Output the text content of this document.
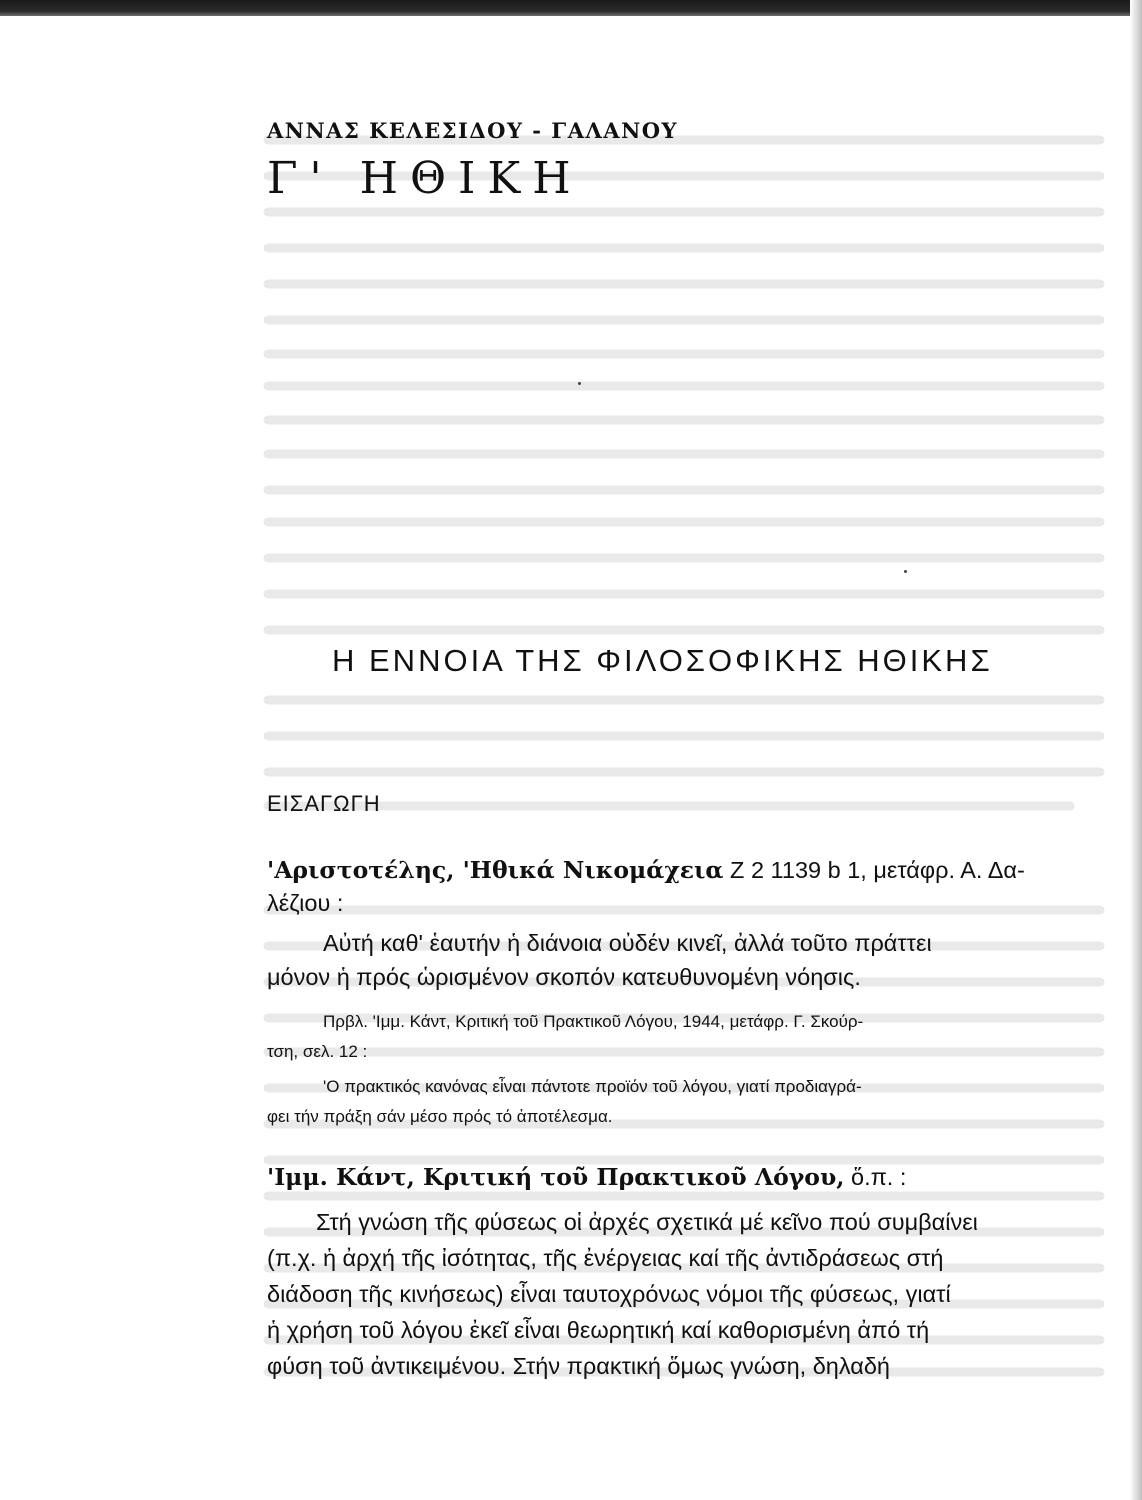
ΑΝΝΑΣ ΚΕΛΕΣΙΔΟΥ - ΓΑΛΑΝΟΥ
Γ' ΗΘΙΚΗ
Η ΕΝΝΟΙΑ ΤΗΣ ΦΙΛΟΣΟΦΙΚΗΣ ΗΘΙΚΗΣ
ΕΙΣΑΓΩΓΗ
'Αριστοτέλης, 'Ηθικά Νικομάχεια Ζ 2 1139 b 1, μετάφρ. Α. Δα-
λέζιου :
Αὐτή καθ' ἑαυτήν ἡ διάνοια οὐδέν κινεῖ, ἀλλά τοῦτο πράττει
μόνον ἡ πρός ὡρισμένον σκοπόν κατευθυνομένη νόησις.
Πρβλ. 'Ιμμ. Κάντ, Κριτική τοῦ Πρακτικοῦ Λόγου, 1944, μετάφρ. Γ. Σκούρ-
τση, σελ. 12 :
'Ο πρακτικός κανόνας εἶναι πάντοτε προϊόν τοῦ λόγου, γιατί προδιαγρά-
φει τήν πράξη σάν μέσο πρός τό ἀποτέλεσμα.
'Ιμμ. Κάντ, Κριτική τοῦ Πρακτικοῦ Λόγου, ὅ.π. :
Στή γνώση τῆς φύσεως οἱ ἀρχές σχετικά μέ κεῖνο πού συμβαίνει
(π.χ. ἡ ἀρχή τῆς ἰσότητας, τῆς ἐνέργειας καί τῆς ἀντιδράσεως στή
διάδοση τῆς κινήσεως) εἶναι ταυτοχρόνως νόμοι τῆς φύσεως, γιατί
ἡ χρήση τοῦ λόγου ἐκεῖ εἶναι θεωρητική καί καθορισμένη ἀπό τή
φύση τοῦ ἀντικειμένου. Στήν πρακτική ὅμως γνώση, δηλαδή
